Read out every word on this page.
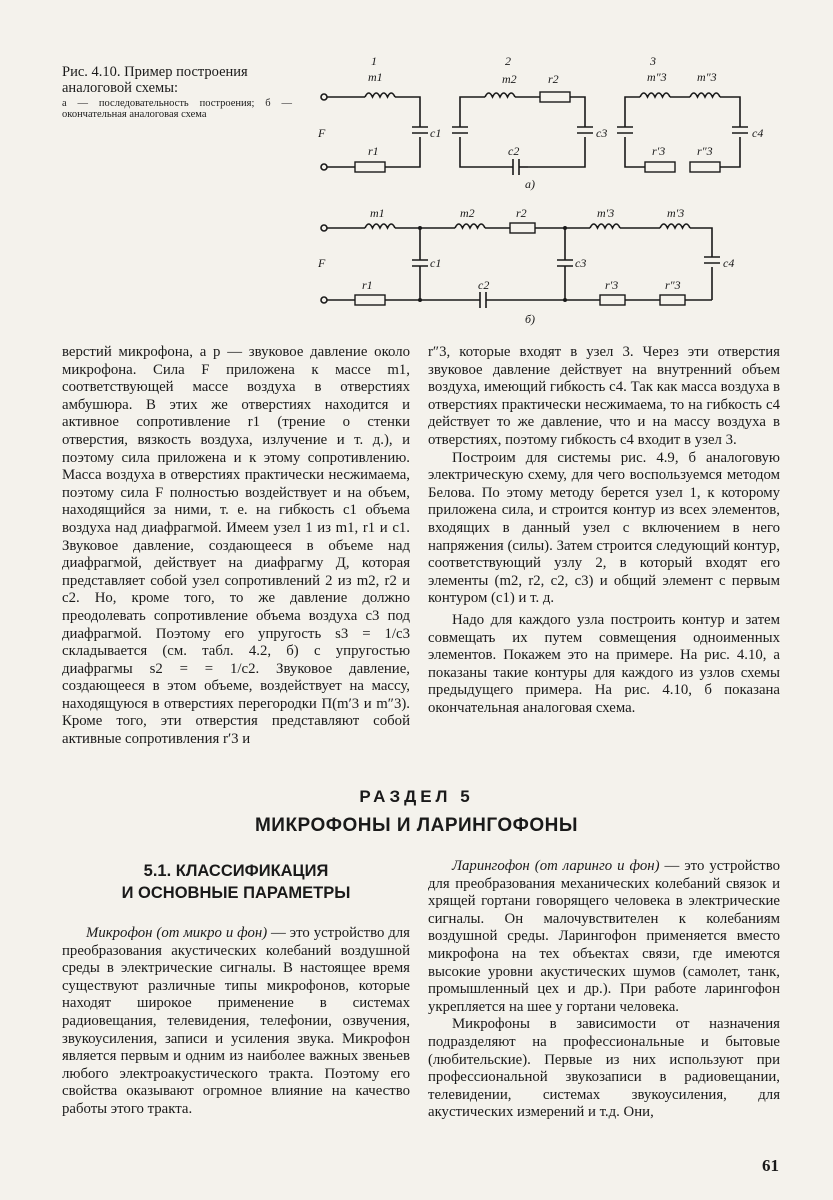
Рис. 4.10. Пример построения аналоговой схемы:
а — последовательность построения; б — окончательная аналоговая схема
F
1
m1
r1
c1
2
m2	r2
c2
c3
3
m″3	m″3
r′3	r″3
c4
а)
F
m1	m2	r2	m′3	m′3
r1
c1
c2
c3
r′3	r″3
c4
б)

верстий микрофона, а p — звуковое давление около микрофона. Сила F приложена к массе m1, соответствующей массе воздуха в отверстиях амбушюра. В этих же отверстиях находится и активное сопротивление r1 (трение о стенки отверстия, вязкость воздуха, излучение и т. д.), и поэтому сила приложена и к этому сопротивлению. Масса воздуха в отверстиях практически несжимаема, поэтому сила F полностью воздействует и на объем, находящийся за ними, т. е. на гибкость c1 объема воздуха над диафрагмой. Имеем узел 1 из m1, r1 и c1. Звуковое давление, создающееся в объеме над диафрагмой, действует на диафрагму Д, которая представляет собой узел сопротивлений 2 из m2, r2 и c2. Но, кроме того, то же давление должно преодолевать сопротивление объема воздуха c3 под диафрагмой. Поэтому его упругость s3 = 1/c3 складывается (см. табл. 4.2, б) с упругостью диафрагмы s2 = = 1/c2. Звуковое давление, создающееся в этом объеме, воздействует на массу, находящуюся в отверстиях перегородки П(m′3 и m″3). Кроме того, эти отверстия представляют собой активные сопротивления r′3 и

r″3, которые входят в узел 3. Через эти отверстия звуковое давление действует на внутренний объем воздуха, имеющий гибкость c4. Так как масса воздуха в отверстиях практически несжимаема, то на гибкость c4 действует то же давление, что и на массу воздуха в отверстиях, поэтому гибкость c4 входит в узел 3.

Построим для системы рис. 4.9, б аналоговую электрическую схему, для чего воспользуемся методом Белова. По этому методу берется узел 1, к которому приложена сила, и строится контур из всех элементов, входящих в данный узел с включением в него напряжения (силы). Затем строится следующий контур, соответствующий узлу 2, в который входят его элементы (m2, r2, c2, c3) и общий элемент с первым контуром (c1) и т. д.

Надо для каждого узла построить контур и затем совмещать их путем совмещения одноименных элементов. Покажем это на примере. На рис. 4.10, а показаны такие контуры для каждого из узлов схемы предыдущего примера. На рис. 4.10, б показана окончательная аналоговая схема.

РАЗДЕЛ 5
МИКРОФОНЫ И ЛАРИНГОФОНЫ
5.1. КЛАССИФИКАЦИЯ
И ОСНОВНЫЕ ПАРАМЕТРЫ

Микрофон (от микро и фон) — это устройство для преобразования акустических колебаний воздушной среды в электрические сигналы. В настоящее время существуют различные типы микрофонов, которые находят широкое применение в системах радиовещания, телевидения, телефонии, озвучения, звукоусиления, записи и усиления звука. Микрофон является первым и одним из наиболее важных звеньев любого электроакустического тракта. Поэтому его свойства оказывают огромное влияние на качество работы этого тракта.

Ларингофон (от ларинго и фон) — это устройство для преобразования механических колебаний связок и хрящей гортани говорящего человека в электрические сигналы. Он малочувствителен к колебаниям воздушной среды. Ларингофон применяется вместо микрофона на тех объектах связи, где имеются высокие уровни акустических шумов (самолет, танк, промышленный цех и др.). При работе ларингофон укрепляется на шее у гортани человека.

Микрофоны в зависимости от назначения подразделяют на профессиональные и бытовые (любительские). Первые из них используют при профессиональной звукозаписи в радиовещании, телевидении, системах звукоусиления, для акустических измерений и т.д. Они,

61
